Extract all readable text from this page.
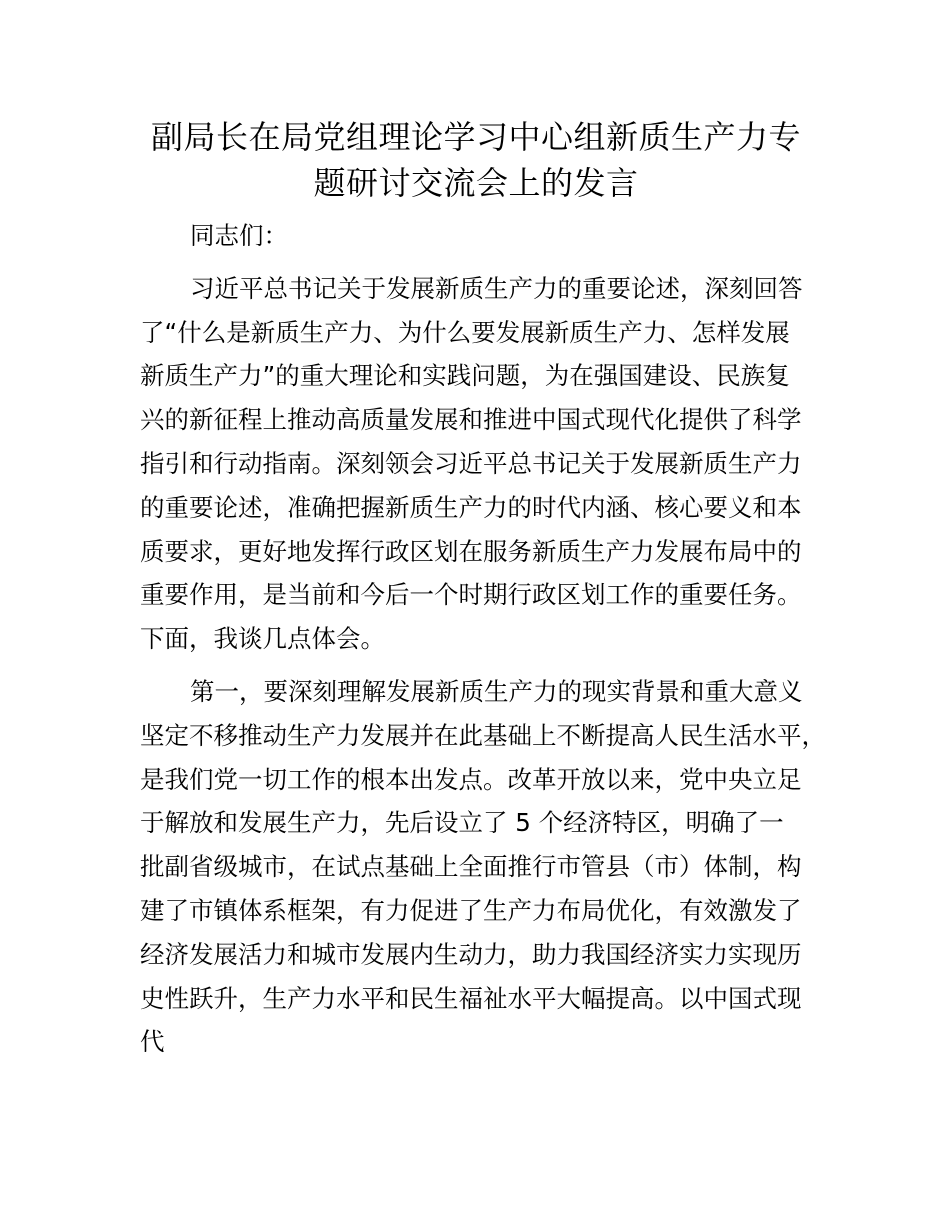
副局长在局党组理论学习中心组新质生产力专
题研讨交流会上的发言
同志们：
习近平总书记关于发展新质生产力的重要论述，深刻回答
了“什么是新质生产力、为什么要发展新质生产力、怎样发展
新质生产力”的重大理论和实践问题，为在强国建设、民族复
兴的新征程上推动高质量发展和推进中国式现代化提供了科学
指引和行动指南。深刻领会习近平总书记关于发展新质生产力
的重要论述，准确把握新质生产力的时代内涵、核心要义和本
质要求，更好地发挥行政区划在服务新质生产力发展布局中的
重要作用，是当前和今后一个时期行政区划工作的重要任务。
下面，我谈几点体会。
第一，要深刻理解发展新质生产力的现实背景和重大意义
坚定不移推动生产力发展并在此基础上不断提高人民生活水平，
是我们党一切工作的根本出发点。改革开放以来，党中央立足
于解放和发展生产力，先后设立了 5 个经济特区，明确了一
批副省级城市，在试点基础上全面推行市管县（市）体制，构
建了市镇体系框架，有力促进了生产力布局优化，有效激发了
经济发展活力和城市发展内生动力，助力我国经济实力实现历
史性跃升，生产力水平和民生福祉水平大幅提高。以中国式现
代
